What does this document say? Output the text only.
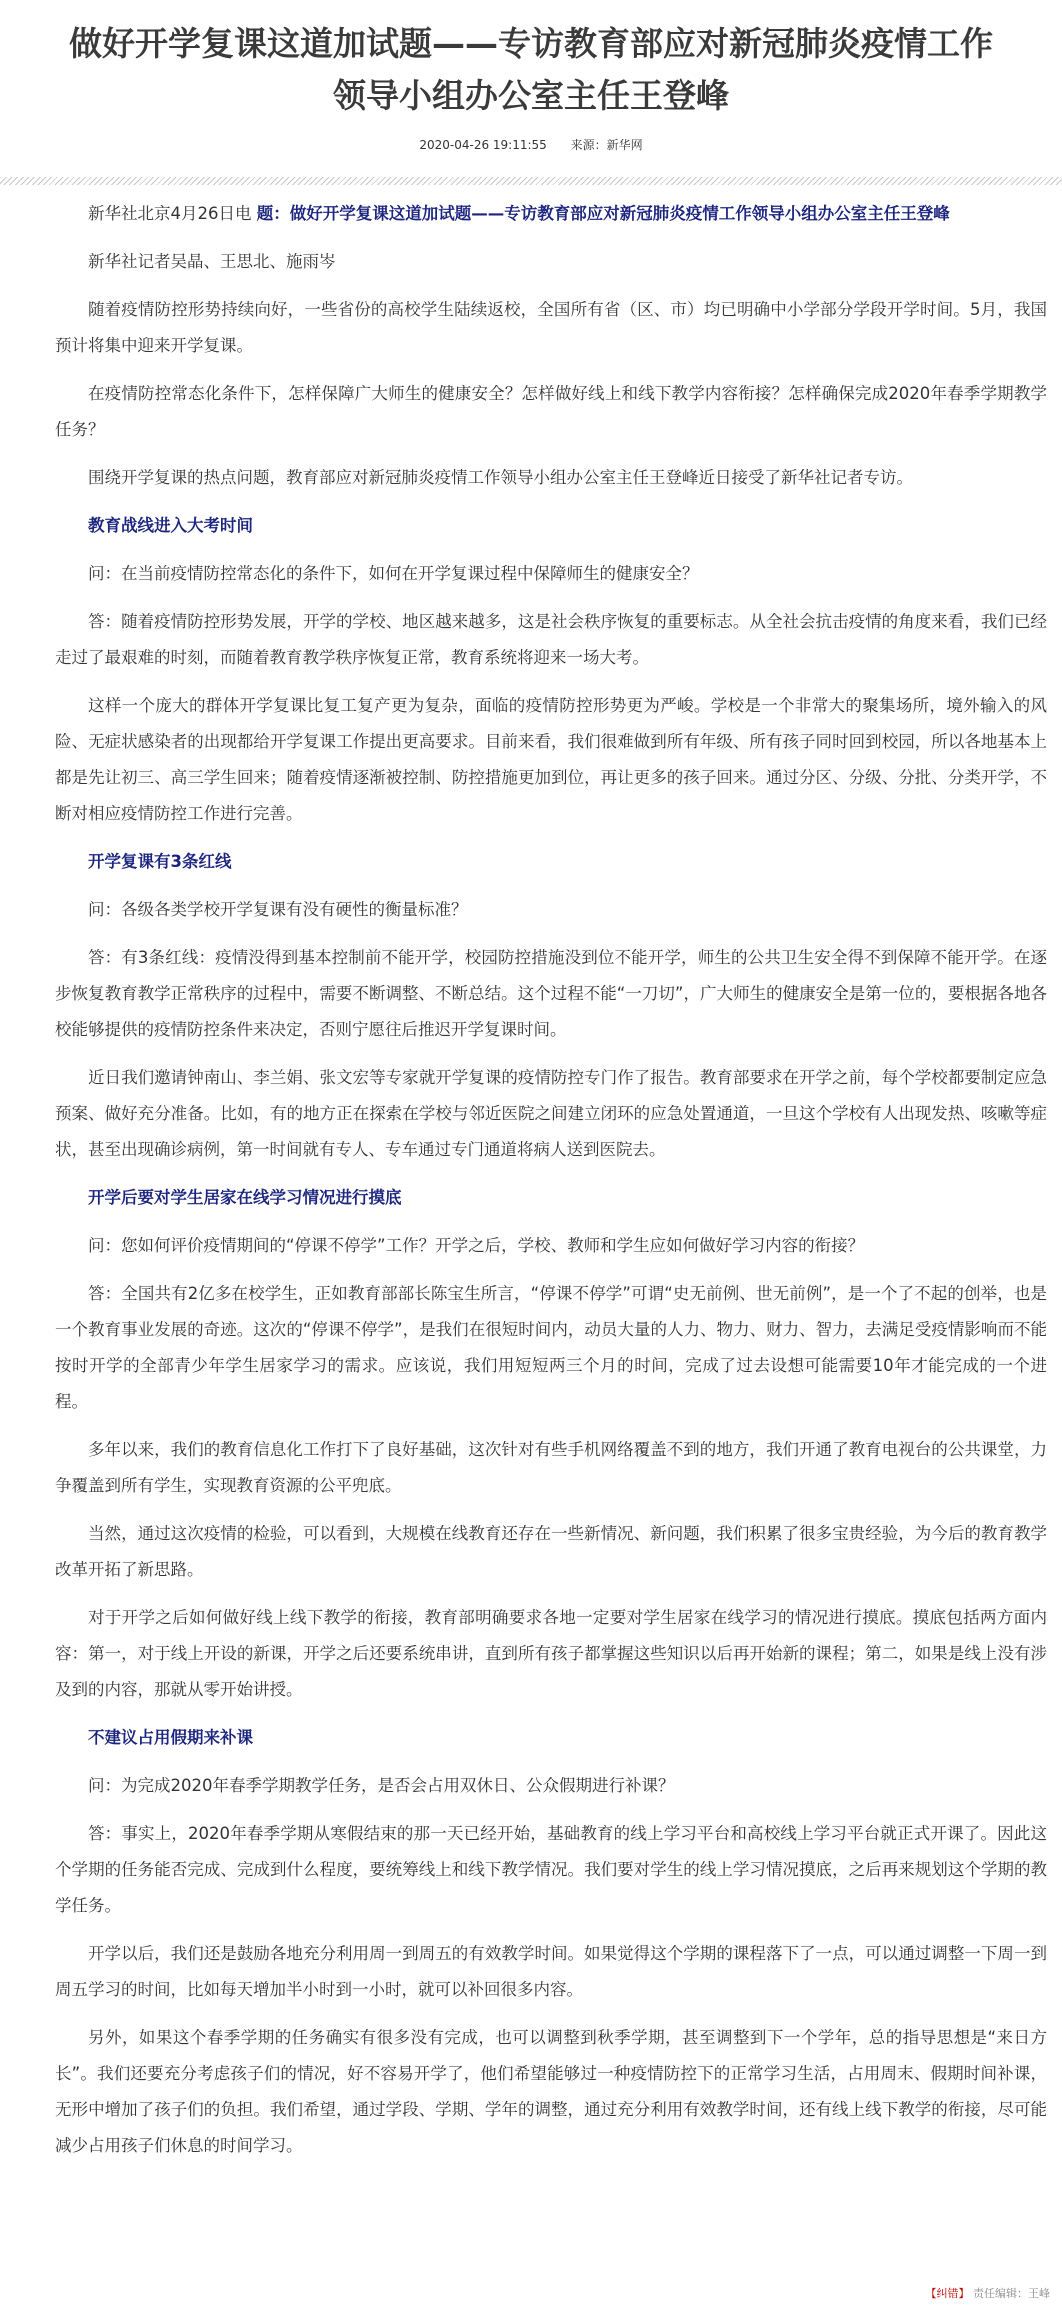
做好开学复课这道加试题——专访教育部应对新冠肺炎疫情工作
领导小组办公室主任王登峰
2020-04-26 19:11:55 来源：新华网

新华社北京4月26日电 题：做好开学复课这道加试题——专访教育部应对新冠肺炎疫情工作领导小组办公室主任王登峰

新华社记者吴晶、王思北、施雨岑

随着疫情防控形势持续向好，一些省份的高校学生陆续返校，全国所有省（区、市）均已明确中小学部分学段开学时间。5月，我国预计将集中迎来开学复课。

在疫情防控常态化条件下，怎样保障广大师生的健康安全？怎样做好线上和线下教学内容衔接？怎样确保完成2020年春季学期教学任务？

围绕开学复课的热点问题，教育部应对新冠肺炎疫情工作领导小组办公室主任王登峰近日接受了新华社记者专访。

教育战线进入大考时间

问：在当前疫情防控常态化的条件下，如何在开学复课过程中保障师生的健康安全？

答：随着疫情防控形势发展，开学的学校、地区越来越多，这是社会秩序恢复的重要标志。从全社会抗击疫情的角度来看，我们已经走过了最艰难的时刻，而随着教育教学秩序恢复正常，教育系统将迎来一场大考。

这样一个庞大的群体开学复课比复工复产更为复杂，面临的疫情防控形势更为严峻。学校是一个非常大的聚集场所，境外输入的风险、无症状感染者的出现都给开学复课工作提出更高要求。目前来看，我们很难做到所有年级、所有孩子同时回到校园，所以各地基本上都是先让初三、高三学生回来；随着疫情逐渐被控制、防控措施更加到位，再让更多的孩子回来。通过分区、分级、分批、分类开学，不断对相应疫情防控工作进行完善。

开学复课有3条红线

问：各级各类学校开学复课有没有硬性的衡量标准？

答：有3条红线：疫情没得到基本控制前不能开学，校园防控措施没到位不能开学，师生的公共卫生安全得不到保障不能开学。在逐步恢复教育教学正常秩序的过程中，需要不断调整、不断总结。这个过程不能“一刀切”，广大师生的健康安全是第一位的，要根据各地各校能够提供的疫情防控条件来决定，否则宁愿往后推迟开学复课时间。

近日我们邀请钟南山、李兰娟、张文宏等专家就开学复课的疫情防控专门作了报告。教育部要求在开学之前，每个学校都要制定应急预案、做好充分准备。比如，有的地方正在探索在学校与邻近医院之间建立闭环的应急处置通道，一旦这个学校有人出现发热、咳嗽等症状，甚至出现确诊病例，第一时间就有专人、专车通过专门通道将病人送到医院去。

开学后要对学生居家在线学习情况进行摸底

问：您如何评价疫情期间的“停课不停学”工作？开学之后，学校、教师和学生应如何做好学习内容的衔接？

答：全国共有2亿多在校学生，正如教育部部长陈宝生所言，“停课不停学”可谓“史无前例、世无前例”，是一个了不起的创举，也是一个教育事业发展的奇迹。这次的“停课不停学”，是我们在很短时间内，动员大量的人力、物力、财力、智力，去满足受疫情影响而不能按时开学的全部青少年学生居家学习的需求。应该说，我们用短短两三个月的时间，完成了过去设想可能需要10年才能完成的一个进程。

多年以来，我们的教育信息化工作打下了良好基础，这次针对有些手机网络覆盖不到的地方，我们开通了教育电视台的公共课堂，力争覆盖到所有学生，实现教育资源的公平兜底。

当然，通过这次疫情的检验，可以看到，大规模在线教育还存在一些新情况、新问题，我们积累了很多宝贵经验，为今后的教育教学改革开拓了新思路。

对于开学之后如何做好线上线下教学的衔接，教育部明确要求各地一定要对学生居家在线学习的情况进行摸底。摸底包括两方面内容：第一，对于线上开设的新课，开学之后还要系统串讲，直到所有孩子都掌握这些知识以后再开始新的课程；第二，如果是线上没有涉及到的内容，那就从零开始讲授。

不建议占用假期来补课

问：为完成2020年春季学期教学任务，是否会占用双休日、公众假期进行补课？

答：事实上，2020年春季学期从寒假结束的那一天已经开始，基础教育的线上学习平台和高校线上学习平台就正式开课了。因此这个学期的任务能否完成、完成到什么程度，要统筹线上和线下教学情况。我们要对学生的线上学习情况摸底，之后再来规划这个学期的教学任务。

开学以后，我们还是鼓励各地充分利用周一到周五的有效教学时间。如果觉得这个学期的课程落下了一点，可以通过调整一下周一到周五学习的时间，比如每天增加半小时到一小时，就可以补回很多内容。

另外，如果这个春季学期的任务确实有很多没有完成，也可以调整到秋季学期，甚至调整到下一个学年，总的指导思想是“来日方长”。我们还要充分考虑孩子们的情况，好不容易开学了，他们希望能够过一种疫情防控下的正常学习生活，占用周末、假期时间补课，无形中增加了孩子们的负担。我们希望，通过学段、学期、学年的调整，通过充分利用有效教学时间，还有线上线下教学的衔接，尽可能减少占用孩子们休息的时间学习。

【纠错】 责任编辑：王峰
